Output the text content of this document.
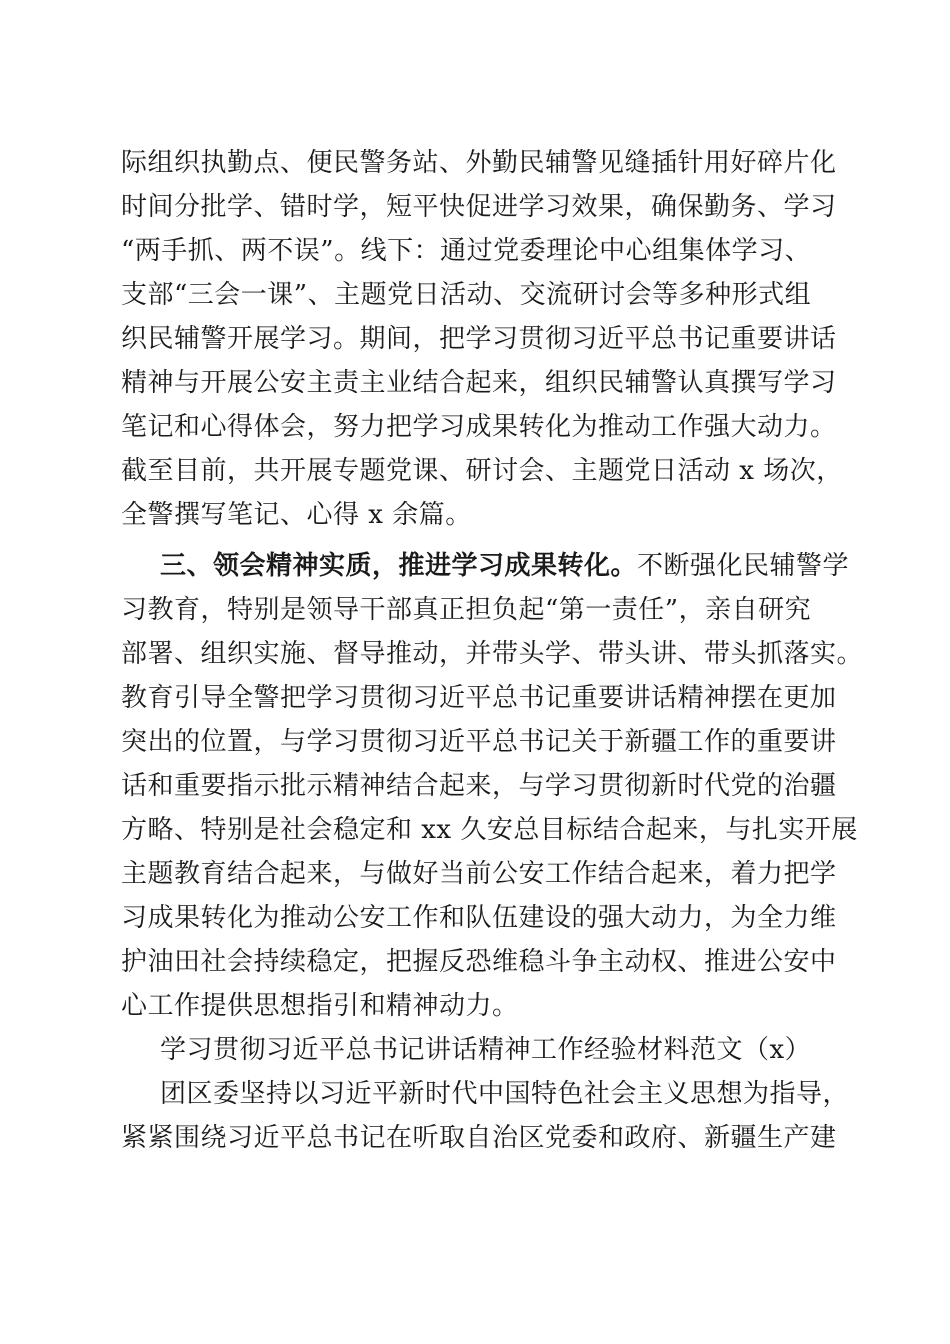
际组织执勤点、便民警务站、外勤民辅警见缝插针用好碎片化
时间分批学、错时学，短平快促进学习效果，确保勤务、学习
“两手抓、两不误”。线下：通过党委理论中心组集体学习、
支部“三会一课”、主题党日活动、交流研讨会等多种形式组
织民辅警开展学习。期间，把学习贯彻习近平总书记重要讲话
精神与开展公安主责主业结合起来，组织民辅警认真撰写学习
笔记和心得体会，努力把学习成果转化为推动工作强大动力。
截至目前，共开展专题党课、研讨会、主题党日活动 x 场次，
全警撰写笔记、心得 x 余篇。
三、领会精神实质，推进学习成果转化。不断强化民辅警学
习教育，特别是领导干部真正担负起“第一责任”，亲自研究
部署、组织实施、督导推动，并带头学、带头讲、带头抓落实。
教育引导全警把学习贯彻习近平总书记重要讲话精神摆在更加
突出的位置，与学习贯彻习近平总书记关于新疆工作的重要讲
话和重要指示批示精神结合起来，与学习贯彻新时代党的治疆
方略、特别是社会稳定和 xx 久安总目标结合起来，与扎实开展
主题教育结合起来，与做好当前公安工作结合起来，着力把学
习成果转化为推动公安工作和队伍建设的强大动力，为全力维
护油田社会持续稳定，把握反恐维稳斗争主动权、推进公安中
心工作提供思想指引和精神动力。
学习贯彻习近平总书记讲话精神工作经验材料范文（x）
团区委坚持以习近平新时代中国特色社会主义思想为指导，
紧紧围绕习近平总书记在听取自治区党委和政府、新疆生产建
